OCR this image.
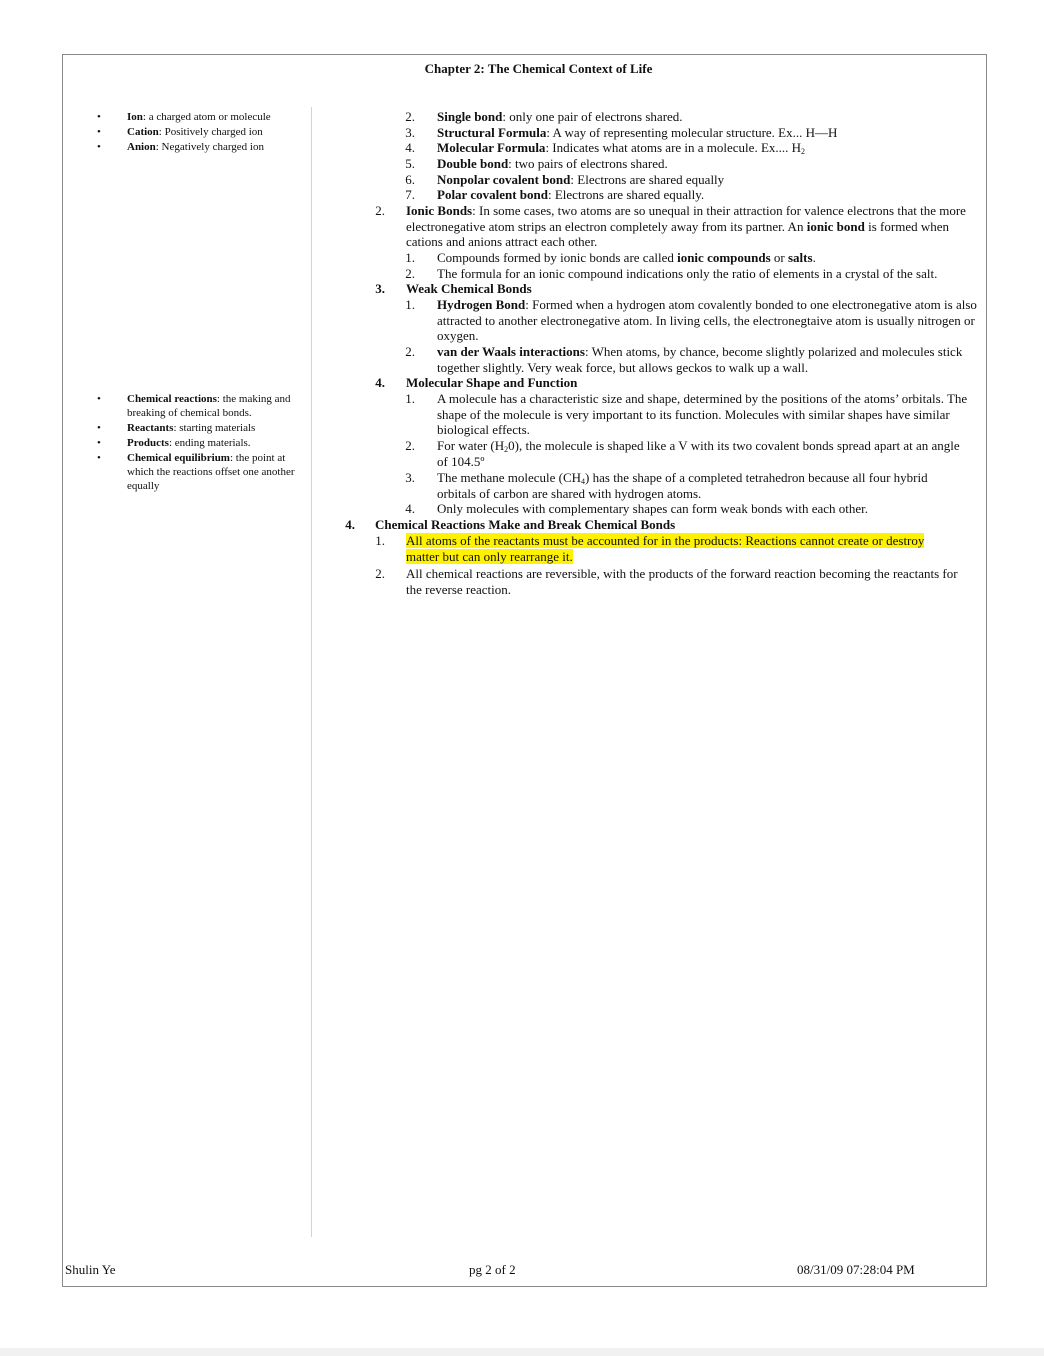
Chapter 2: The Chemical Context of Life
• Ion: a charged atom or molecule
• Cation: Positively charged ion
• Anion: Negatively charged ion
• Chemical reactions: the making and breaking of chemical bonds.
• Reactants: starting materials
• Products: ending materials.
• Chemical equilibrium: the point at which the reactions offset one another equally
2. Single bond: only one pair of electrons shared.
3. Structural Formula: A way of representing molecular structure. Ex... H—H
4. Molecular Formula: Indicates what atoms are in a molecule. Ex.... $H_2$
5. Double bond: two pairs of electrons shared.
6. Nonpolar covalent bond: Electrons are shared equally
7. Polar covalent bond: Electrons are shared equally.
2. Ionic Bonds: In some cases, two atoms are so unequal in their attraction for valence electrons that the more electronegative atom strips an electron completely away from its partner. An ionic bond is formed when cations and anions attract each other.
1. Compounds formed by ionic bonds are called ionic compounds or salts.
2. The formula for an ionic compound indications only the ratio of elements in a crystal of the salt.
3. Weak Chemical Bonds
1. Hydrogen Bond: Formed when a hydrogen atom covalently bonded to one electronegative atom is also attracted to another electronegative atom. In living cells, the electronegtaive atom is usually nitrogen or oxygen.
2. van der Waals interactions: When atoms, by chance, become slightly polarized and molecules stick together slightly. Very weak force, but allows geckos to walk up a wall.
4. Molecular Shape and Function
1. A molecule has a characteristic size and shape, determined by the positions of the atoms’ orbitals. The shape of the molecule is very important to its function. Molecules with similar shapes have similar biological effects.
2. For water $(H_20)$, the molecule is shaped like a V with its two covalent bonds spread apart at an angle of 104.5º
3. The methane molecule $(CH_4)$ has the shape of a completed tetrahedron because all four hybrid orbitals of carbon are shared with hydrogen atoms.
4. Only molecules with complementary shapes can form weak bonds with each other.
4. Chemical Reactions Make and Break Chemical Bonds
1. All atoms of the reactants must be accounted for in the products: Reactions cannot create or destroy
matter but can only rearrange it.
2. All chemical reactions are reversible, with the products of the forward reaction becoming the reactants for the reverse reaction.
Shulin Ye	pg 2 of 2	08/31/09 07:28:04 PM
